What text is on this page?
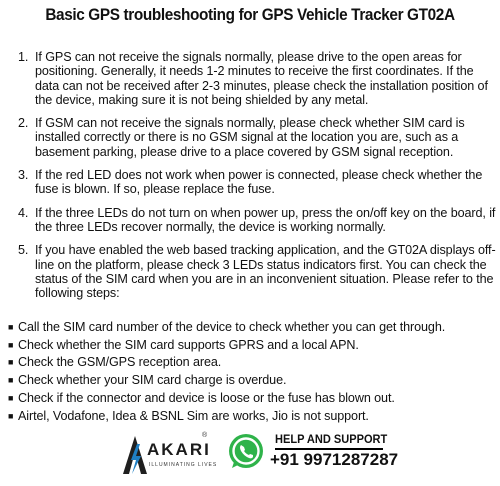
Basic GPS troubleshooting for GPS Vehicle Tracker GT02A
1. If GPS can not receive the signals normally, please drive to the open areas for positioning. Generally, it needs 1-2 minutes to receive the first coordinates. If the data can not be received after 2-3 minutes, please check the installation position of the device, making sure it is not being shielded by any metal.
2. If GSM can not receive the signals normally, please check whether SIM card is installed correctly or there is no GSM signal at the location you are, such as a basement parking, please drive to a place covered by GSM signal reception.
3. If the red LED does not work when power is connected, please check whether the fuse is blown. If so, please replace the fuse.
4. If the three LEDs do not turn on when power up, press the on/off key on the board, if the three LEDs recover normally, the device is working normally.
5. If you have enabled the web based tracking application, and the GT02A displays off-line on the platform, please check 3 LEDs status indicators first. You can check the status of the SIM card when you are in an inconvenient situation. Please refer to the following steps:
■ Call the SIM card number of the device to check whether you can get through.
■ Check whether the SIM card supports GPRS and a local APN.
■ Check the GSM/GPS reception area.
■ Check whether your SIM card charge is overdue.
■ Check if the connector and device is loose or the fuse has blown out.
■ Airtel, Vodafone, Idea & BSNL Sim are works, Jio is not support.
AKARI
ILLUMINATING LIVES
®	HELP AND SUPPORT
+91 9971287287
